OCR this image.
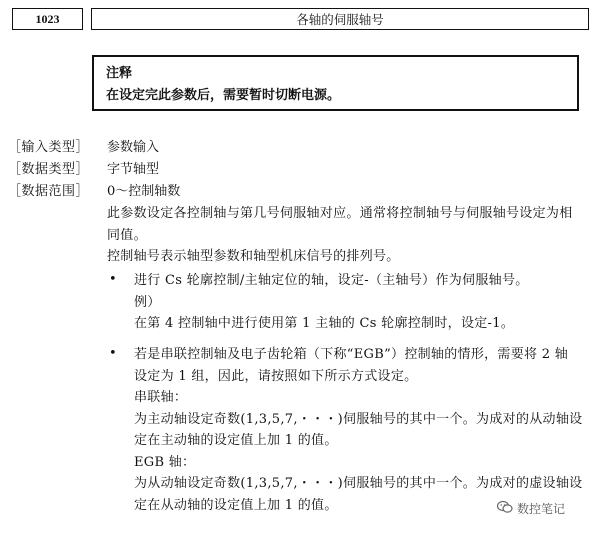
1023	各轴的伺服轴号
注释
在设定完此参数后，需要暂时切断电源。
［输入类型］ 参数输入
［数据类型］ 字节轴型
［数据范围］ 0～控制轴数
此参数设定各控制轴与第几号伺服轴对应。通常将控制轴号与伺服轴号设定为相
同值。
控制轴号表示轴型参数和轴型机床信号的排列号。
• 进行 Cs 轮廓控制/主轴定位的轴，设定-（主轴号）作为伺服轴号。
例）
在第 4 控制轴中进行使用第 1 主轴的 Cs 轮廓控制时，设定-1。
• 若是串联控制轴及电子齿轮箱（下称“EGB”）控制轴的情形，需要将 2 轴
设定为 1 组，因此，请按照如下所示方式设定。
串联轴：
为主动轴设定奇数(1,3,5,7,・・・)伺服轴号的其中一个。为成对的从动轴设
定在主动轴的设定值上加 1 的值。
EGB 轴：
为从动轴设定奇数(1,3,5,7,・・・)伺服轴号的其中一个。为成对的虚设轴设
定在从动轴的设定值上加 1 的值。	数控笔记
